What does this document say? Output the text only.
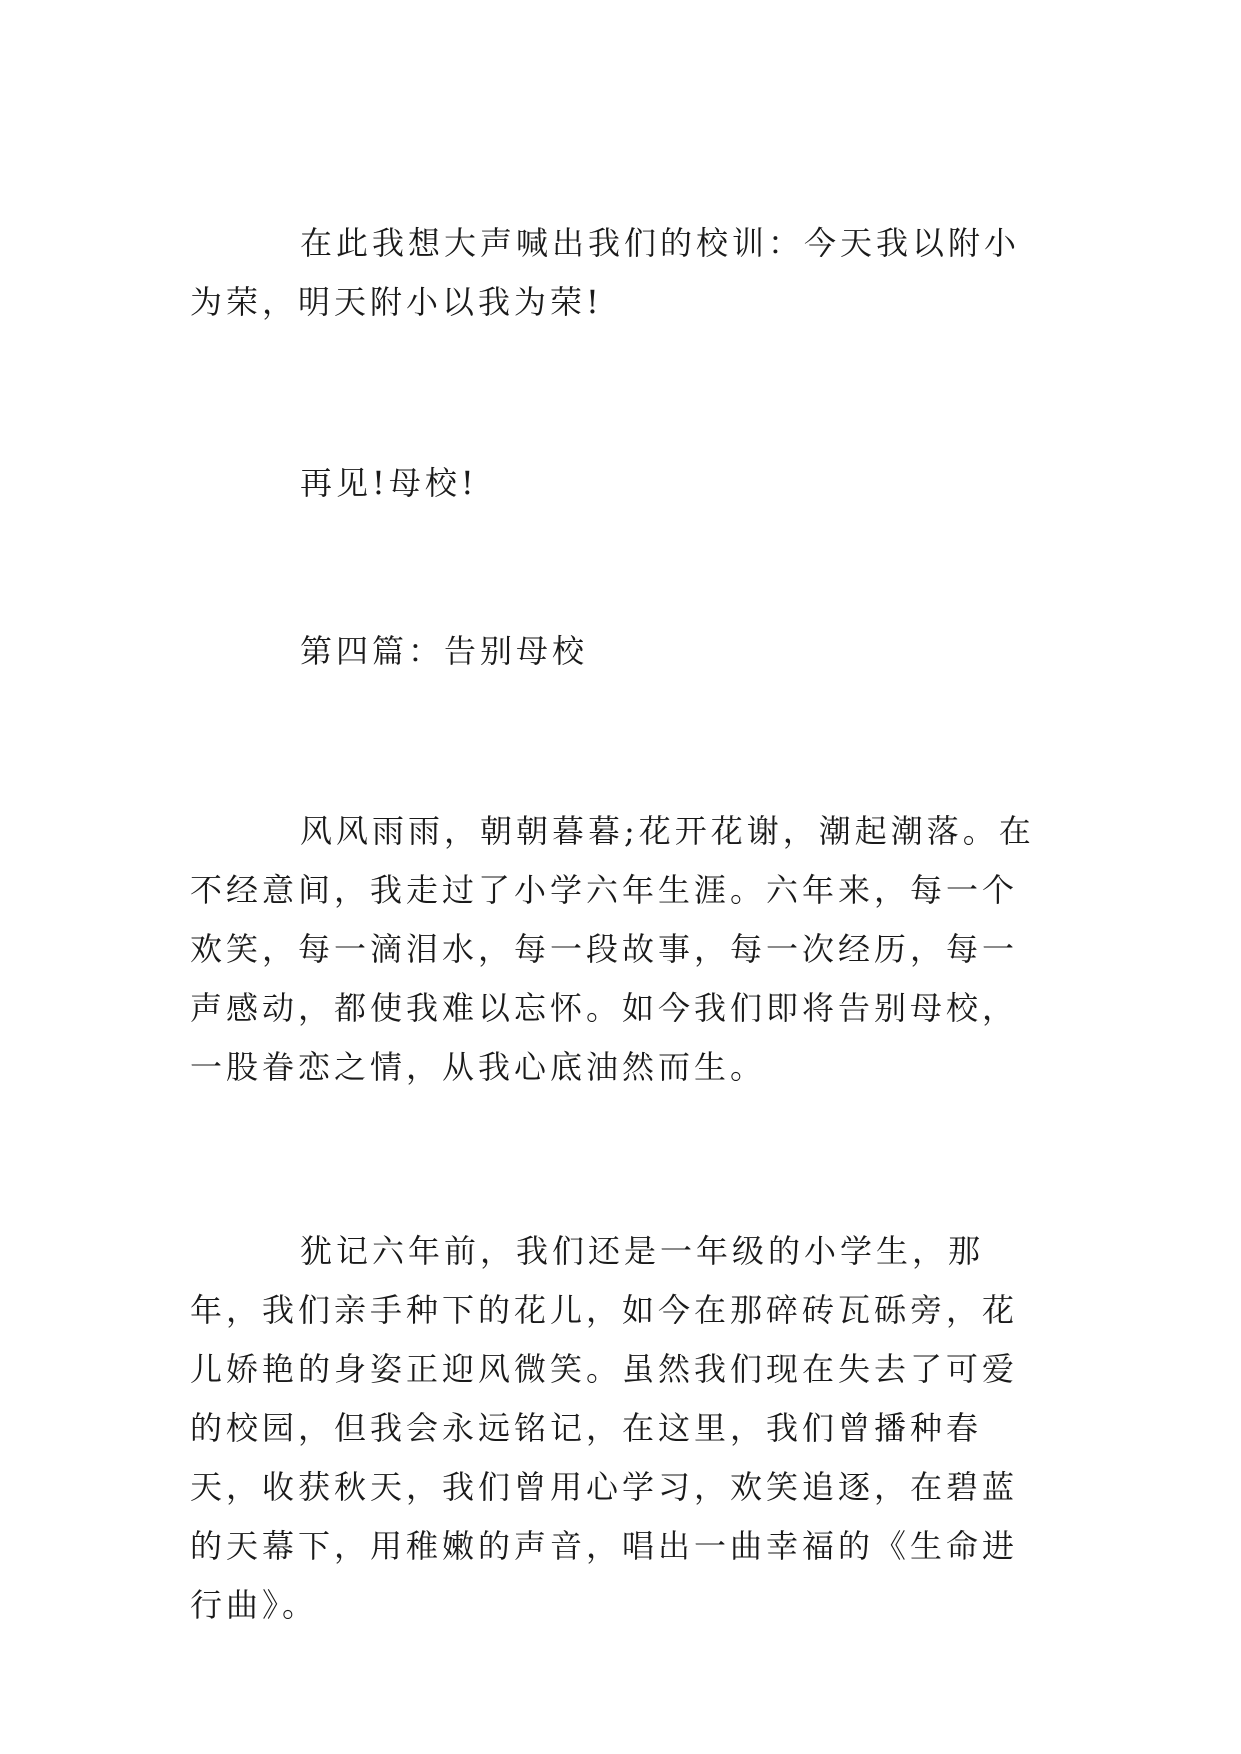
在此我想大声喊出我们的校训：今天我以附小为荣，明天附小以我为荣!

再见!母校!

第四篇：告别母校

风风雨雨，朝朝暮暮;花开花谢，潮起潮落。在不经意间，我走过了小学六年生涯。六年来，每一个欢笑，每一滴泪水，每一段故事，每一次经历，每一声感动，都使我难以忘怀。如今我们即将告别母校，一股眷恋之情，从我心底油然而生。

犹记六年前，我们还是一年级的小学生，那年，我们亲手种下的花儿，如今在那碎砖瓦砾旁，花儿娇艳的身姿正迎风微笑。虽然我们现在失去了可爱的校园，但我会永远铭记，在这里，我们曾播种春天，收获秋天，我们曾用心学习，欢笑追逐，在碧蓝的天幕下，用稚嫩的声音，唱出一曲幸福的《生命进行曲》。
